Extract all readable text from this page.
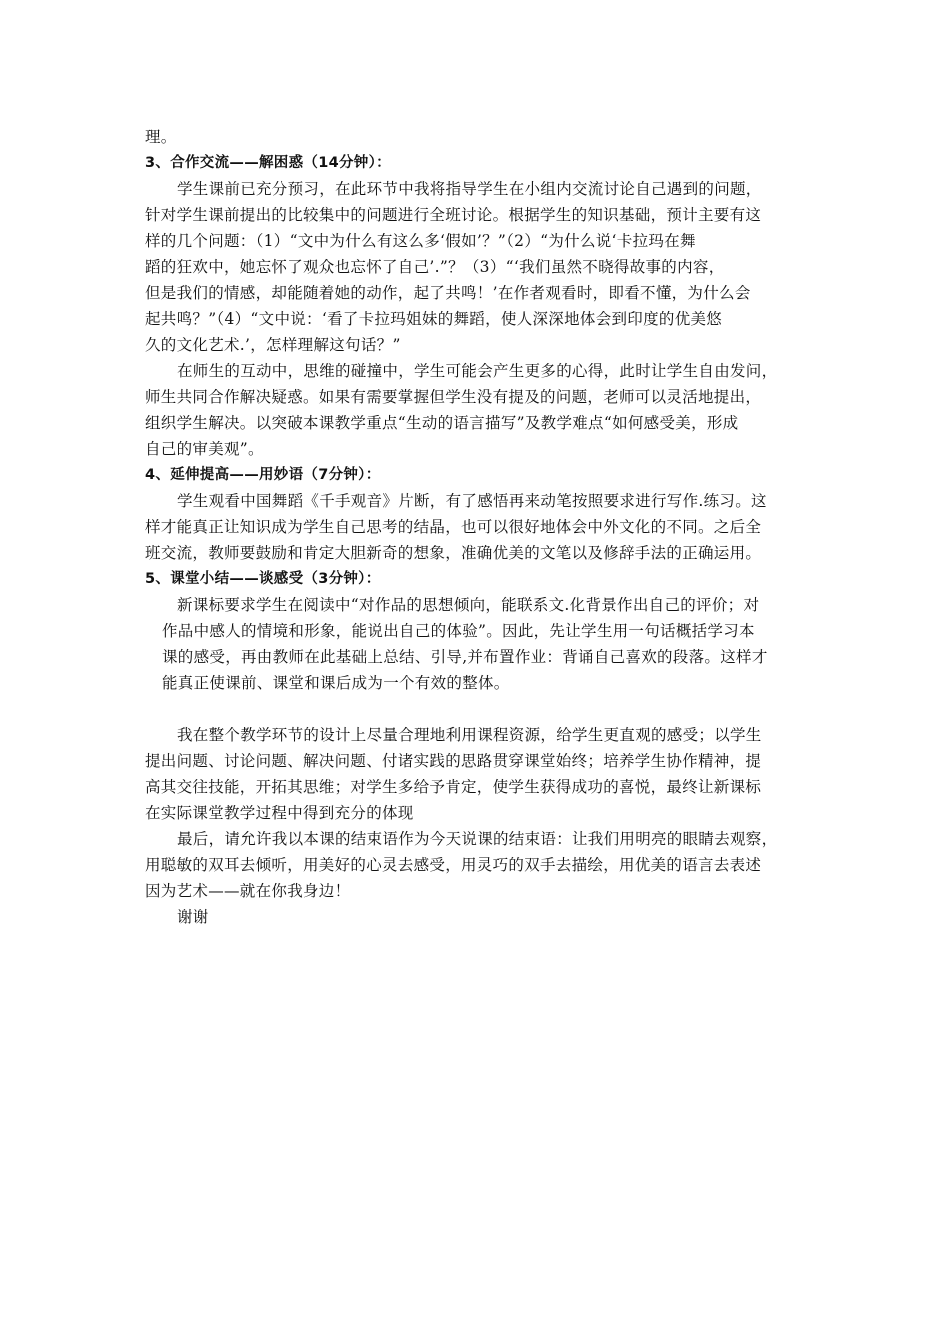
理。
3、合作交流——解困惑（14分钟）：
学生课前已充分预习，在此环节中我将指导学生在小组内交流讨论自己遇到的问题，
针对学生课前提出的比较集中的问题进行全班讨论。根据学生的知识基础，预计主要有这
样的几个问题：（1）“文中为什么有这么多‘假如’？”（2）“为什么说‘卡拉玛在舞
蹈的狂欢中，她忘怀了观众也忘怀了自己’.”？（3）“‘我们虽然不晓得故事的内容，
但是我们的情感，却能随着她的动作，起了共鸣！’在作者观看时，即看不懂，为什么会
起共鸣？”（4）“文中说：‘看了卡拉玛姐妹的舞蹈，使人深深地体会到印度的优美悠
久的文化艺术.’，怎样理解这句话？”
在师生的互动中，思维的碰撞中，学生可能会产生更多的心得，此时让学生自由发问，
师生共同合作解决疑惑。如果有需要掌握但学生没有提及的问题，老师可以灵活地提出，
组织学生解决。以突破本课教学重点“生动的语言描写”及教学难点“如何感受美，形成
自己的审美观”。
4、延伸提高——用妙语（7分钟）：
学生观看中国舞蹈《千手观音》片断，有了感悟再来动笔按照要求进行写作.练习。这
样才能真正让知识成为学生自己思考的结晶，也可以很好地体会中外文化的不同。之后全
班交流，教师要鼓励和肯定大胆新奇的想象，准确优美的文笔以及修辞手法的正确运用。
5、课堂小结——谈感受（3分钟）：
新课标要求学生在阅读中“对作品的思想倾向，能联系文.化背景作出自己的评价；对
作品中感人的情境和形象，能说出自己的体验”。因此，先让学生用一句话概括学习本
课的感受，再由教师在此基础上总结、引导,并布置作业：背诵自己喜欢的段落。这样才
能真正使课前、课堂和课后成为一个有效的整体。
我在整个教学环节的设计上尽量合理地利用课程资源，给学生更直观的感受；以学生
提出问题、讨论问题、解决问题、付诸实践的思路贯穿课堂始终；培养学生协作精神，提
高其交往技能，开拓其思维；对学生多给予肯定，使学生获得成功的喜悦，最终让新课标
在实际课堂教学过程中得到充分的体现
最后，请允许我以本课的结束语作为今天说课的结束语：让我们用明亮的眼睛去观察，
用聪敏的双耳去倾听，用美好的心灵去感受，用灵巧的双手去描绘，用优美的语言去表述
因为艺术——就在你我身边！
谢谢
